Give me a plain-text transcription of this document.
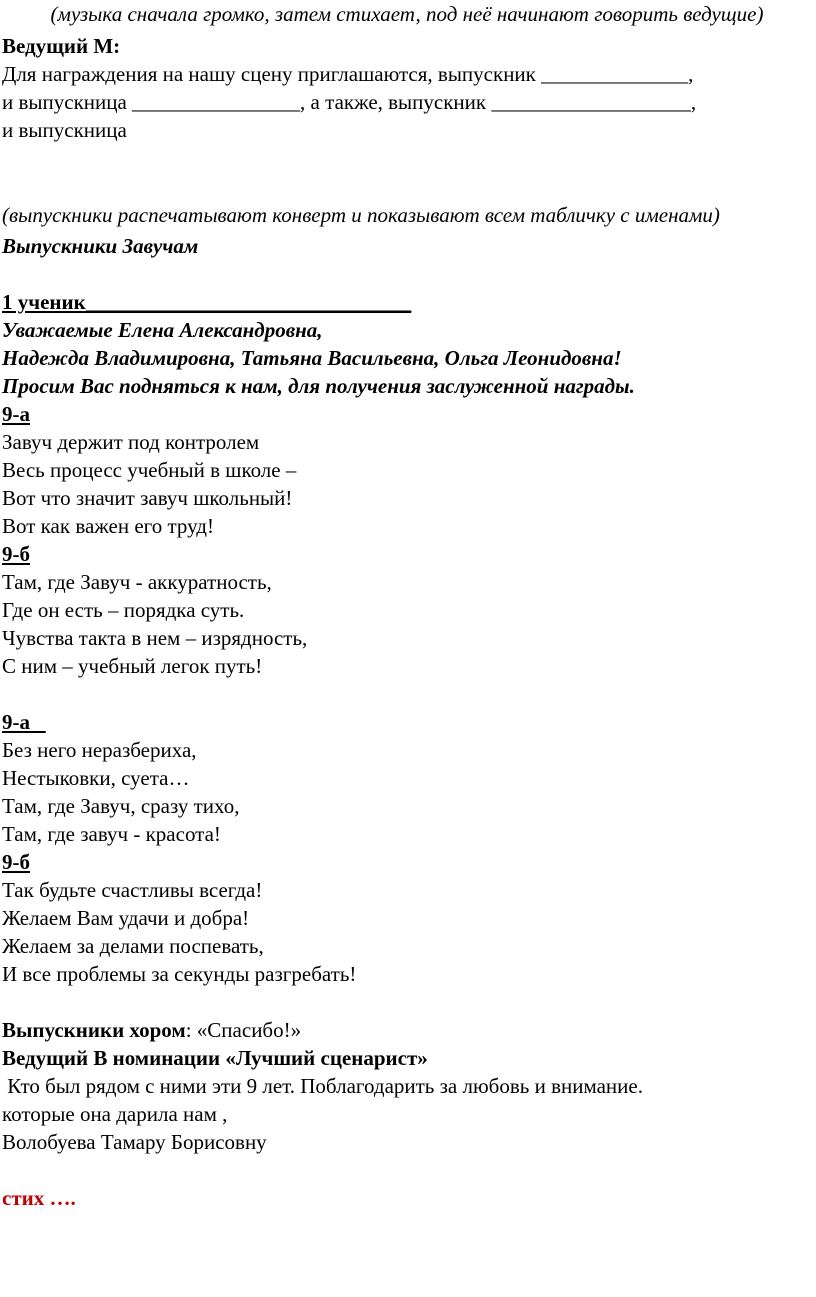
(музыка сначала громко, затем стихает, под неё начинают говорить ведущие)

Ведущий М:

Для награждения на нашу сцену приглашаются, выпускник ______________,

и выпускница ________________, а также, выпускник ___________________,

и выпускница

(выпускники распечатывают конверт и показывают всем табличку с именами)

Выпускники Завучам

1 ученик_______________________________

Уважаемые Елена Александровна,

Надежда Владимировна, Татьяна Васильевна, Ольга Леонидовна!

Просим Вас подняться к нам, для получения заслуженной награды.

9-а

Завуч держит под контролем

Весь процесс учебный в школе –

Вот что значит завуч школьный!

Вот как важен его труд!

9-б

Там, где Завуч - аккуратность,

Где он есть – порядка суть.

Чувства такта в нем – изрядность,

С ним – учебный легок путь!

9-а

Без него неразбериха,

Нестыковки, суета…

Там, где Завуч, сразу тихо,

Там, где завуч - красота!

9-б

Так будьте счастливы всегда!

Желаем Вам удачи и добра!

Желаем за делами поспевать,

И все проблемы за секунды разгребать!

Выпускники хором: «Спасибо!»

Ведущий В номинации «Лучший сценарист»

Кто был рядом с ними эти 9 лет. Поблагодарить за любовь и внимание.

которые она дарила нам ,

Волобуева Тамару Борисовну

стих ….
